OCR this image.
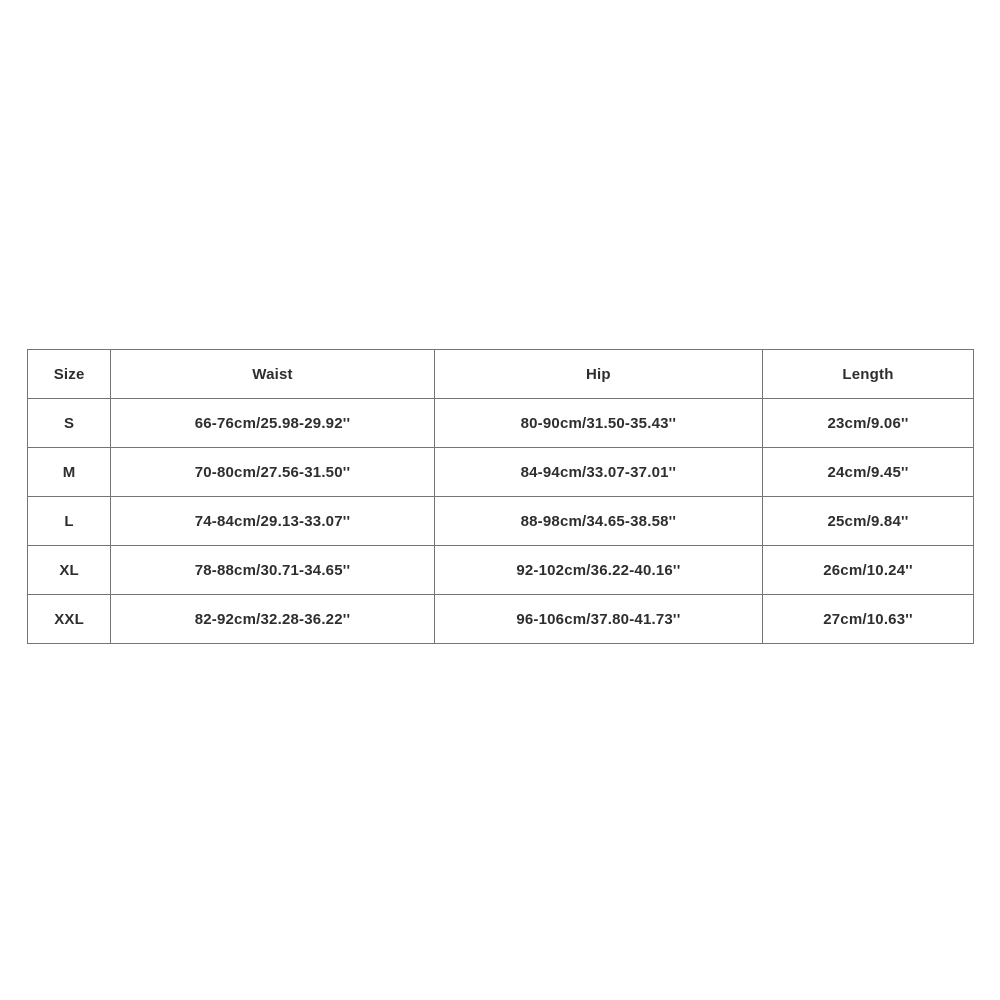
Size	Waist	Hip	Length
S	66-76cm/25.98-29.92''	80-90cm/31.50-35.43''	23cm/9.06''
M	70-80cm/27.56-31.50''	84-94cm/33.07-37.01''	24cm/9.45''
L	74-84cm/29.13-33.07''	88-98cm/34.65-38.58''	25cm/9.84''
XL	78-88cm/30.71-34.65''	92-102cm/36.22-40.16''	26cm/10.24''
XXL	82-92cm/32.28-36.22''	96-106cm/37.80-41.73''	27cm/10.63''
